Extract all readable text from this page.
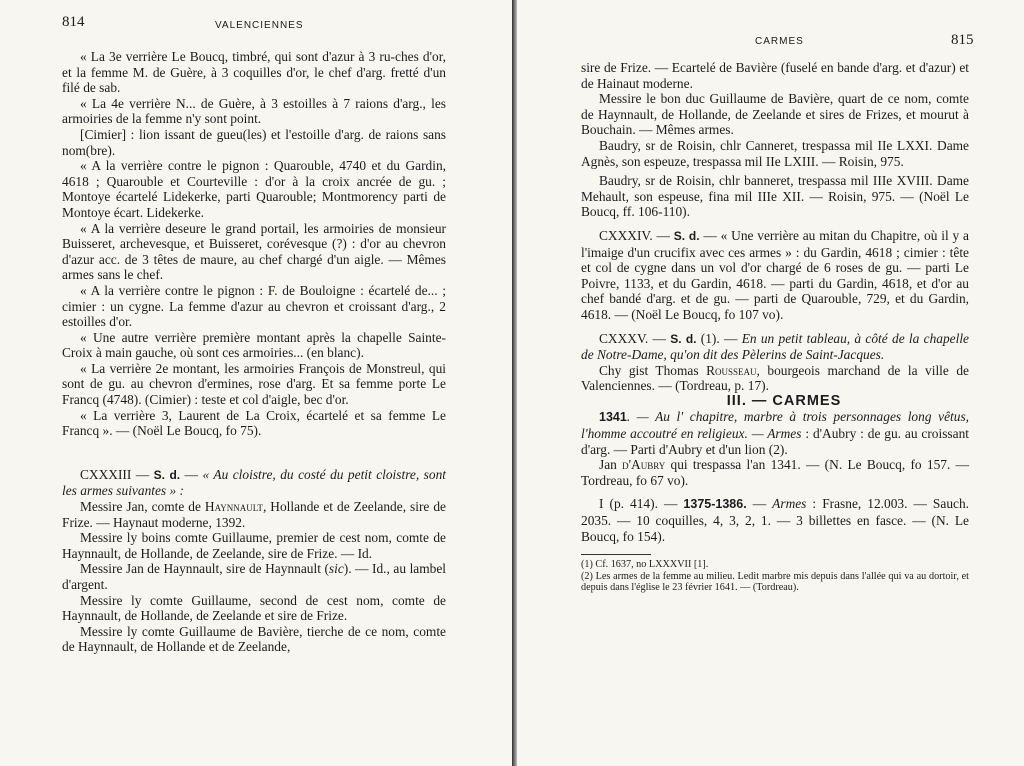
814	VALENCIENNES

« La 3e verrière Le Boucq, timbré, qui sont d'azur à 3 ru-ches d'or, et la femme M. de Guère, à 3 coquilles d'or, le chef d'arg. fretté d'un filé de sab.

« La 4e verrière N... de Guère, à 3 estoilles à 7 raions d'arg., les armoiries de la femme n'y sont point.

[Cimier] : lion issant de gueu(les) et l'estoille d'arg. de raions sans nom(bre).

« A la verrière contre le pignon : Quarouble, 4740 et du Gardin, 4618 ; Quarouble et Courteville : d'or à la croix ancrée de gu. ; Montoye écartelé Lidekerke, parti Quarouble; Montmorency parti de Montoye écart. Lidekerke.

« A la verrière deseure le grand portail, les armoiries de monsieur Buisseret, archevesque, et Buisseret, corévesque (?) : d'or au chevron d'azur acc. de 3 têtes de maure, au chef chargé d'un aigle. — Mêmes armes sans le chef.

« A la verrière contre le pignon : F. de Bouloigne : écartelé de... ; cimier : un cygne. La femme d'azur au chevron et croissant d'arg., 2 estoilles d'or.

« Une autre verrière première montant après la chapelle Sainte-Croix à main gauche, où sont ces armoiries... (en blanc).

« La verrière 2e montant, les armoiries François de Monstreul, qui sont de gu. au chevron d'ermines, rose d'arg. Et sa femme porte Le Francq (4748). (Cimier) : teste et col d'aigle, bec d'or.

« La verrière 3, Laurent de La Croix, écartelé et sa femme Le Francq ». — (Noël Le Boucq, fo 75).

CXXXIII — S. d. — « Au cloistre, du costé du petit cloistre, sont les armes suivantes » :

Messire Jan, comte de Haynnault, Hollande et de Zeelande, sire de Frize. — Haynaut moderne, 1392.

Messire ly boins comte Guillaume, premier de cest nom, comte de Haynnault, de Hollande, de Zeelande, sire de Frize. — Id.

Messire Jan de Haynnault, sire de Haynnault (sic). — Id., au lambel d'argent.

Messire ly comte Guillaume, second de cest nom, comte de Haynnault, de Hollande, de Zeelande et sire de Frize.

Messire ly comte Guillaume de Bavière, tierche de ce nom, comte de Haynnault, de Hollande et de Zeelande,

CARMES	815

sire de Frize. — Ecartelé de Bavière (fuselé en bande d'arg. et d'azur) et de Hainaut moderne.

Messire le bon duc Guillaume de Bavière, quart de ce nom, comte de Haynnault, de Hollande, de Zeelande et sires de Frizes, et mourut à Bouchain. — Mêmes armes.

Baudry, sr de Roisin, chlr Canneret, trespassa mil IIe LXXI. Dame Agnès, son espeuze, trespassa mil IIe LXIII. — Roisin, 975.

Baudry, sr de Roisin, chlr banneret, trespassa mil IIIe XVIII. Dame Mehault, son espeuse, fina mil IIIe XII. — Roisin, 975. — (Noël Le Boucq, ff. 106-110).

CXXXIV. — S. d. — « Une verrière au mitan du Chapitre, où il y a l'imaige d'un crucifix avec ces armes » : du Gardin, 4618 ; cimier : tête et col de cygne dans un vol d'or chargé de 6 roses de gu. — parti Le Poivre, 1133, et du Gardin, 4618. — parti du Gardin, 4618, et d'or au chef bandé d'arg. et de gu. — parti de Quarouble, 729, et du Gardin, 4618. — (Noël Le Boucq, fo 107 vo).

CXXXV. — S. d. (1). — En un petit tableau, à côté de la chapelle de Notre-Dame, qu'on dit des Pèlerins de Saint-Jacques.

Chy gist Thomas Rousseau, bourgeois marchand de la ville de Valenciennes. — (Tordreau, p. 17).

III. — CARMES

1341. — Au l' chapitre, marbre à trois personnages long vêtus, l'homme accoutré en religieux. — Armes : d'Aubry : de gu. au croissant d'arg. — Parti d'Aubry et d'un lion (2).

Jan d'Aubry qui trespassa l'an 1341. — (N. Le Boucq, fo 157. — Tordreau, fo 67 vo).

I (p. 414). — 1375-1386. — Armes : Frasne, 12.003. — Sauch. 2035. — 10 coquilles, 4, 3, 2, 1. — 3 billettes en fasce. — (N. Le Boucq, fo 154).

(1) Cf. 1637, no LXXXVII [1].

(2) Les armes de la femme au milieu. Ledit marbre mis depuis dans l'allée qui va au dortoir, et depuis dans l'église le 23 février 1641. — (Tordreau).
